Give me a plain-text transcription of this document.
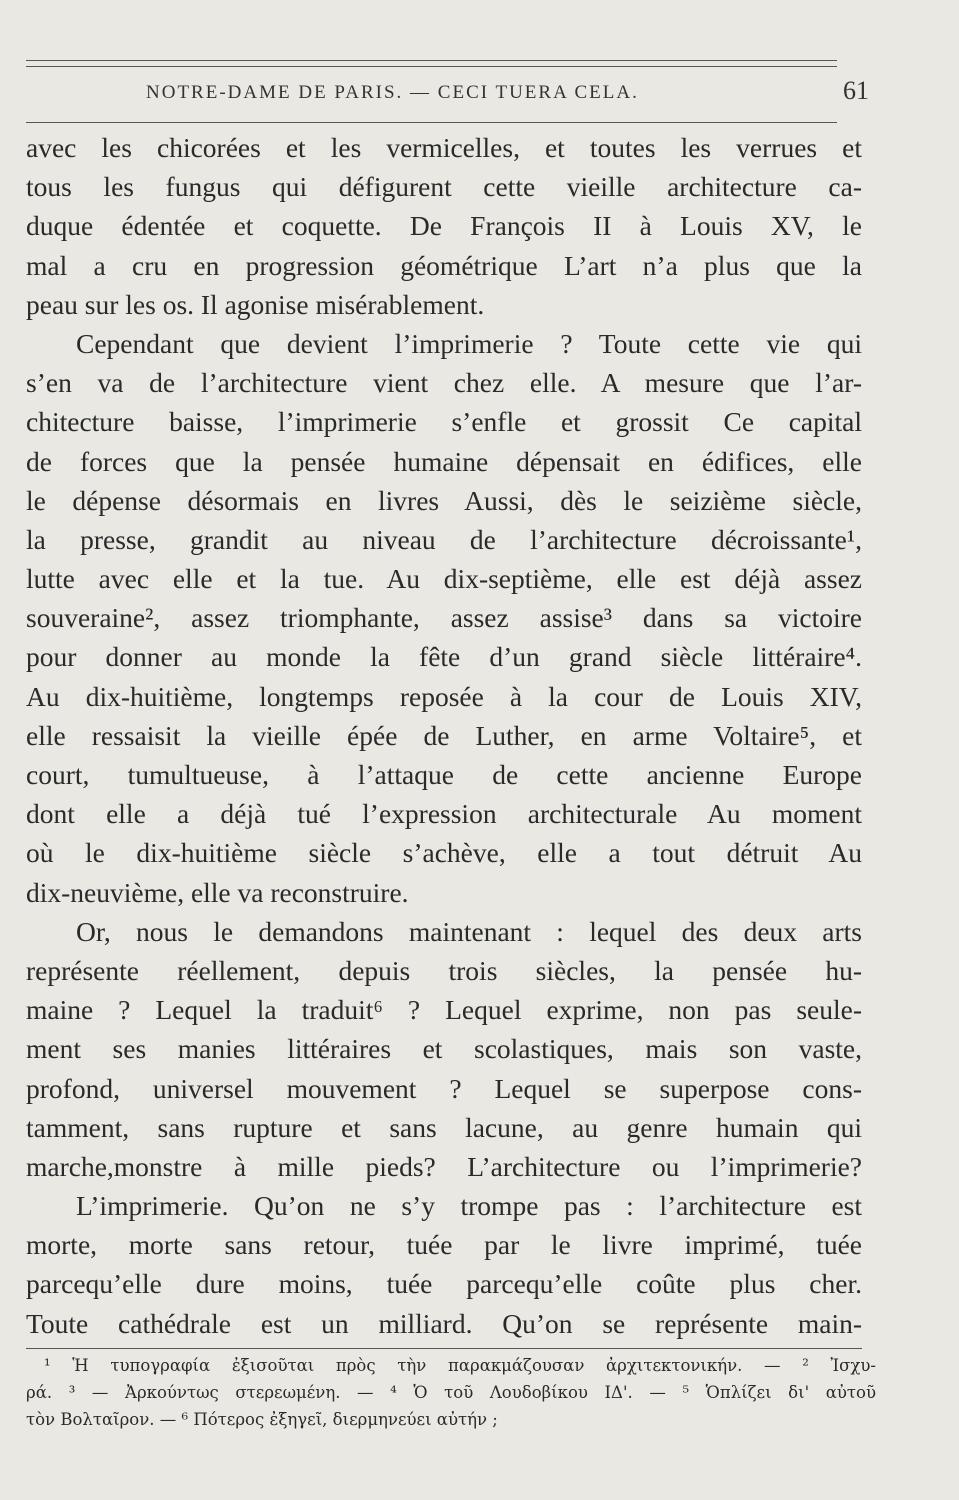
NOTRE-DAME DE PARIS. — CECI TUERA CELA.	61
avec les chicorées et les vermicelles, et toutes les verrues et
tous les fungus qui défigurent cette vieille architecture ca-
duque édentée et coquette. De François II à Louis XV, le
mal a cru en progression géométrique L’art n’a plus que la
peau sur les os. Il agonise misérablement.
Cependant que devient l’imprimerie ? Toute cette vie qui
s’en va de l’architecture vient chez elle. A mesure que l’ar-
chitecture baisse, l’imprimerie s’enfle et grossit Ce capital
de forces que la pensée humaine dépensait en édifices, elle
le dépense désormais en livres Aussi, dès le seizième siècle,
la presse, grandit au niveau de l’architecture décroissante¹,
lutte avec elle et la tue. Au dix-septième, elle est déjà assez
souveraine², assez triomphante, assez assise³ dans sa victoire
pour donner au monde la fête d’un grand siècle littéraire⁴.
Au dix-huitième, longtemps reposée à la cour de Louis XIV,
elle ressaisit la vieille épée de Luther, en arme Voltaire⁵, et
court, tumultueuse, à l’attaque de cette ancienne Europe
dont elle a déjà tué l’expression architecturale Au moment
où le dix-huitième siècle s’achève, elle a tout détruit Au
dix-neuvième, elle va reconstruire.
Or, nous le demandons maintenant : lequel des deux arts
représente réellement, depuis trois siècles, la pensée hu-
maine ? Lequel la traduit⁶ ? Lequel exprime, non pas seule-
ment ses manies littéraires et scolastiques, mais son vaste,
profond, universel mouvement ? Lequel se superpose cons-
tamment, sans rupture et sans lacune, au genre humain qui
marche,monstre à mille pieds? L’architecture ou l’imprimerie?
L’imprimerie. Qu’on ne s’y trompe pas : l’architecture est
morte, morte sans retour, tuée par le livre imprimé, tuée
parcequ’elle dure moins, tuée parcequ’elle coûte plus cher.
Toute cathédrale est un milliard. Qu’on se représente main-
¹ Ἡ τυπογραφία ἐξισοῦται πρὸς τὴν παρακμάζουσαν ἀρχιτεκτονικήν. — ² Ἰσχυ-
ρά. ³ — Ἀρκούντως στερεωμένη. — ⁴ Ὁ τοῦ Λουδοβίκου ΙΔ'. — ⁵ Ὁπλίζει δι' αὐτοῦ
τὸν Βολταῖρον. — ⁶ Πότερος ἐξηγεῖ, διερμηνεύει αὐτήν ;
